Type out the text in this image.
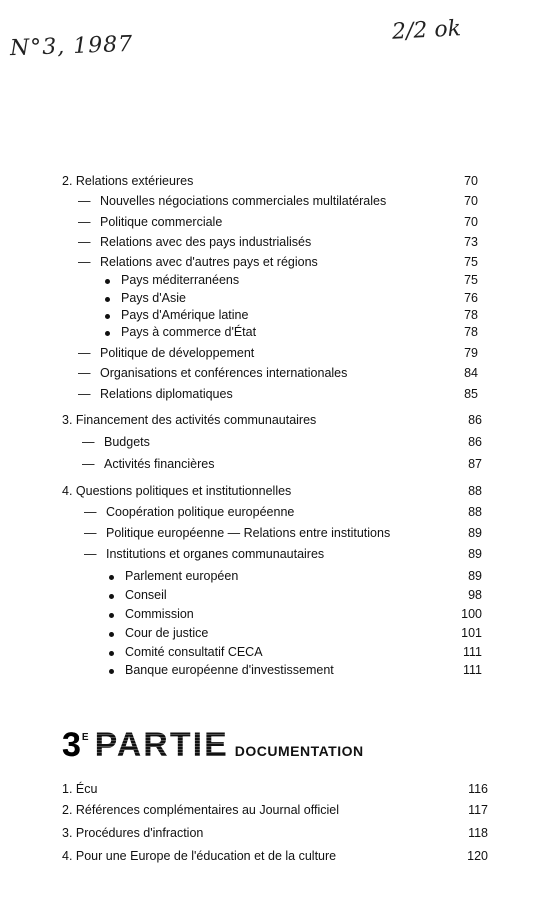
N°3, 1987
2/2 ok
2. Relations extérieures	70
— Nouvelles négociations commerciales multilatérales	70
— Politique commerciale	70
— Relations avec des pays industrialisés	73
— Relations avec d'autres pays et régions	75
Pays méditerranéens	75
Pays d'Asie	76
Pays d'Amérique latine	78
Pays à commerce d'État	78
— Politique de développement	79
— Organisations et conférences internationales	84
— Relations diplomatiques	85
3. Financement des activités communautaires	86
— Budgets	86
— Activités financières	87
4. Questions politiques et institutionnelles	88
— Coopération politique européenne	88
— Politique européenne — Relations entre institutions	89
— Institutions et organes communautaires	89
Parlement européen	89
Conseil	98
Commission	100
Cour de justice	101
Comité consultatif CECA	111
Banque européenne d'investissement	111
$3^E$ PARTIE DOCUMENTATION
1. Écu	116
2. Références complémentaires au Journal officiel	117
3. Procédures d'infraction	118
4. Pour une Europe de l'éducation et de la culture	120
